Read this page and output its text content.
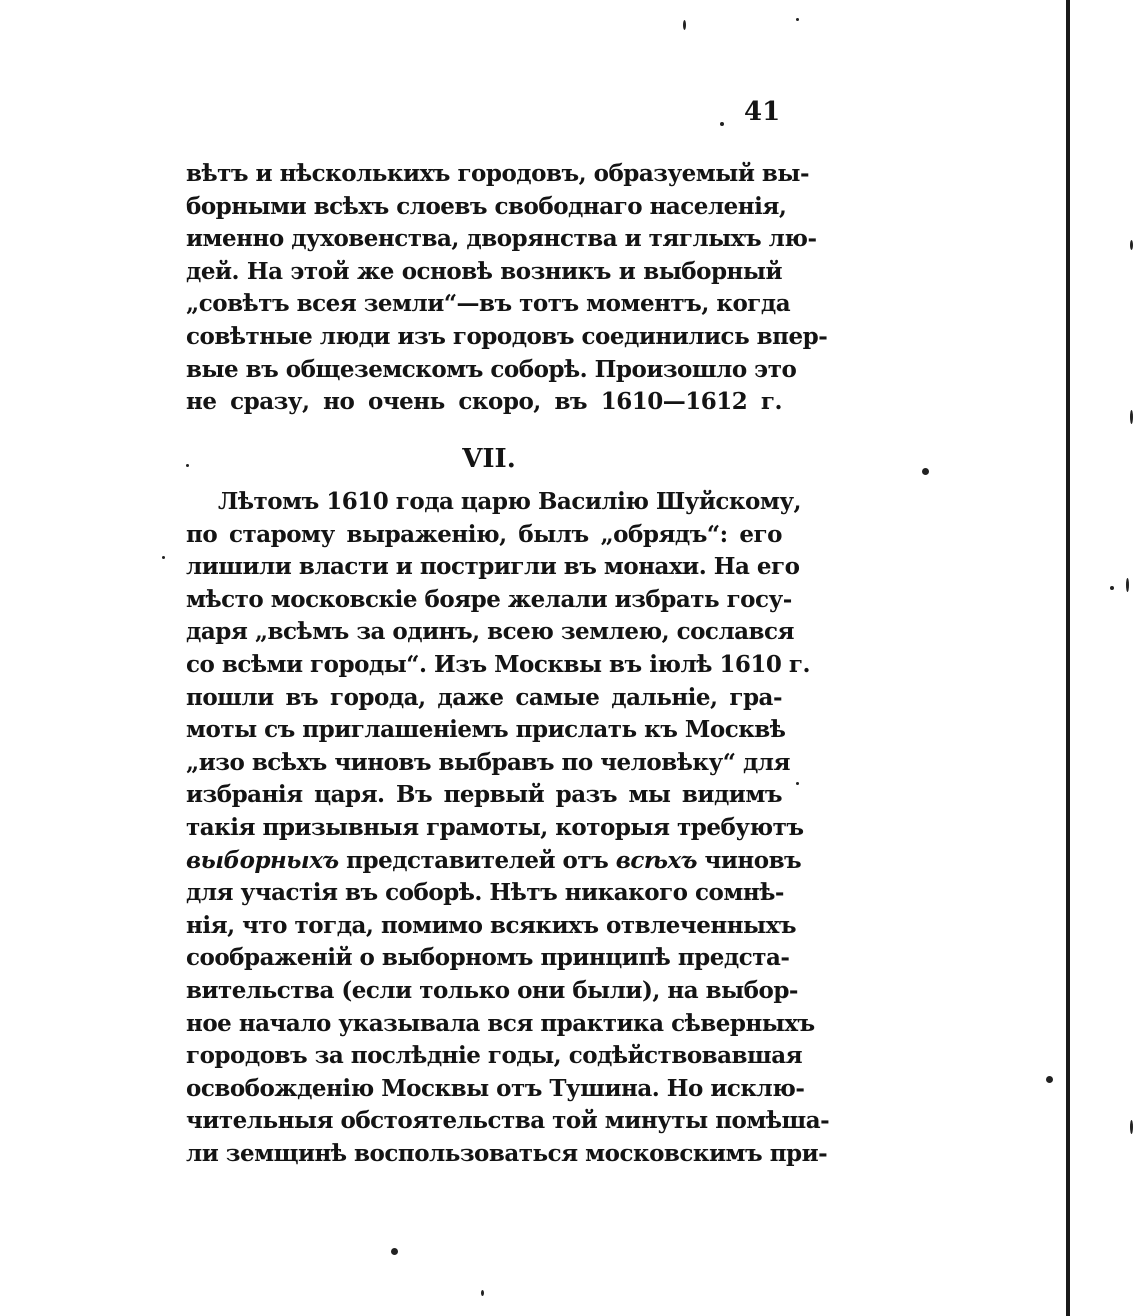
41
вѣтъ и нѣсколькихъ городовъ, образуемый вы-
борными всѣхъ слоевъ свободнаго населенія,
именно духовенства, дворянства и тяглыхъ лю-
дей. На этой же основѣ возникъ и выборный
„совѣтъ всея земли“—въ тотъ моментъ, когда
совѣтные люди изъ городовъ соединились впер-
вые въ общеземскомъ соборѣ. Произошло это
не сразу, но очень скоро, въ 1610—1612 г.
VII.
Лѣтомъ 1610 года царю Василію Шуйскому,
по старому выраженію, былъ „обрядъ“: его
лишили власти и постригли въ монахи. На его
мѣсто московскіе бояре желали избрать госу-
даря „всѣмъ за одинъ, всею землею, сослався
со всѣми городы“. Изъ Москвы въ іюлѣ 1610 г.
пошли въ города, даже самые дальніе, гра-
моты съ приглашеніемъ прислать къ Москвѣ
„изо всѣхъ чиновъ выбравъ по человѣку“ для
избранія царя. Въ первый разъ мы видимъ
такія призывныя грамоты, которыя требуютъ
выборныхъ представителей отъ всѣхъ чиновъ
для участія въ соборѣ. Нѣтъ никакого сомнѣ-
нія, что тогда, помимо всякихъ отвлеченныхъ
соображеній о выборномъ принципѣ предста-
вительства (если только они были), на выбор-
ное начало указывала вся практика сѣверныхъ
городовъ за послѣдніе годы, содѣйствовавшая
освобожденію Москвы отъ Тушина. Но исклю-
чительныя обстоятельства той минуты помѣша-
ли земщинѣ воспользоваться московскимъ при-
